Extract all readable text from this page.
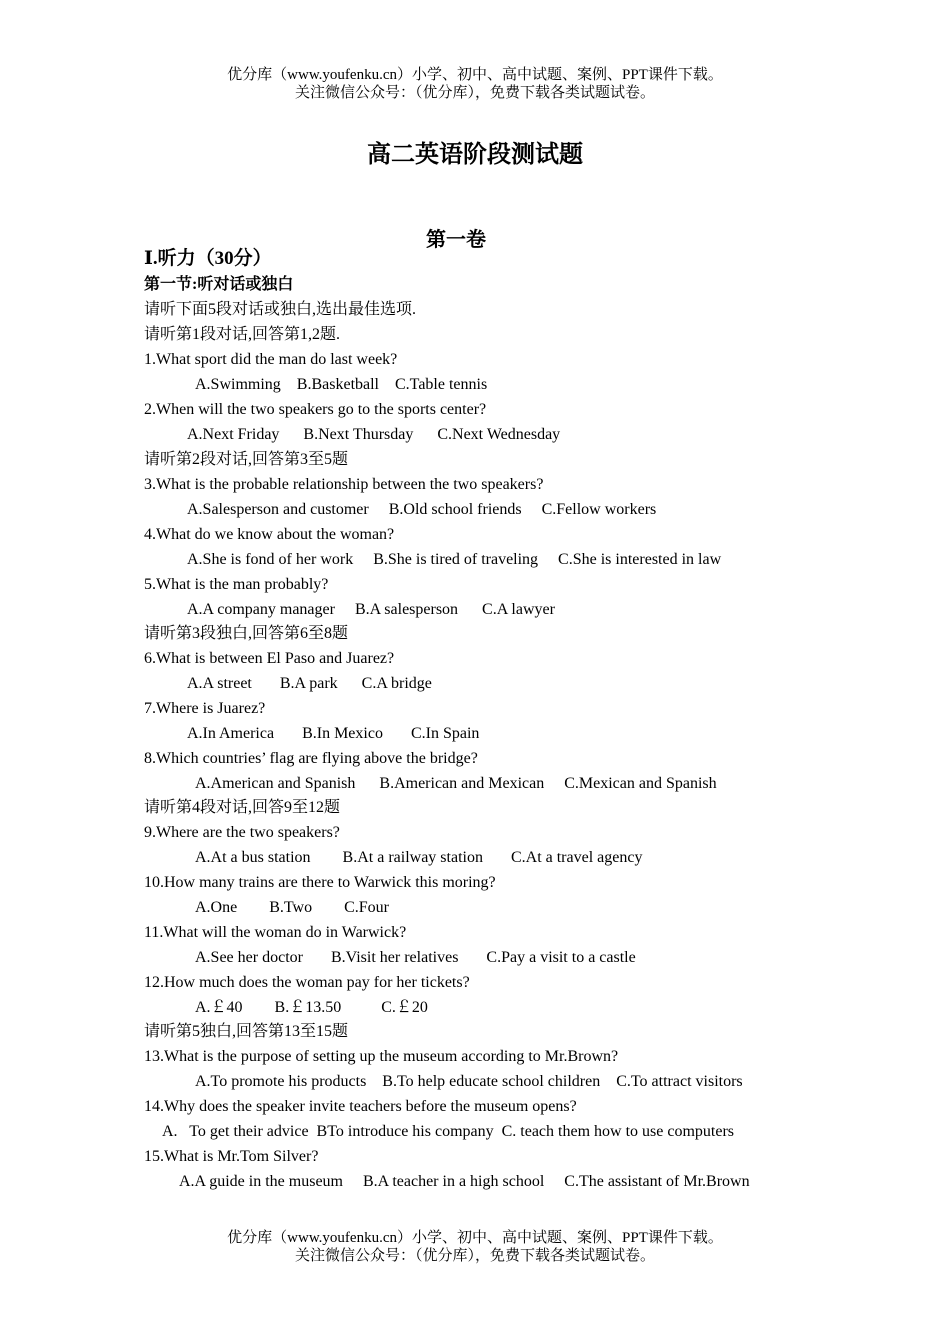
优分库（www.youfenku.cn）小学、初中、高中试题、案例、PPT课件下载。
关注微信公众号：（优分库），免费下载各类试题试卷。
高二英语阶段测试题
第一卷
Ⅰ.听力（30分）
第一节:听对话或独白
请听下面5段对话或独白,选出最佳选项.
请听第1段对话,回答第1,2题.
1.What sport did the man do last week?
A.Swimming    B.Basketball    C.Table tennis
2.When will the two speakers go to the sports center?
A.Next Friday      B.Next Thursday      C.Next Wednesday
请听第2段对话,回答第3至5题
3.What is the probable relationship between the two speakers?
A.Salesperson and customer     B.Old school friends     C.Fellow workers
4.What do we know about the woman?
A.She is fond of her work     B.She is tired of traveling     C.She is interested in law
5.What is the man probably?
A.A company manager     B.A salesperson      C.A lawyer
请听第3段独白,回答第6至8题
6.What is between El Paso and Juarez?
A.A street       B.A park      C.A bridge
7.Where is Juarez?
A.In America       B.In Mexico       C.In Spain
8.Which countries’ flag are flying above the bridge?
A.American and Spanish      B.American and Mexican     C.Mexican and Spanish
请听第4段对话,回答9至12题
9.Where are the two speakers?
A.At a bus station        B.At a railway station       C.At a travel agency
10.How many trains are there to Warwick this moring?
A.One        B.Two        C.Four
11.What will the woman do in Warwick?
A.See her doctor       B.Visit her relatives       C.Pay a visit to a castle
12.How much does the woman pay for her tickets?
A.￡40        B.￡13.50          C.￡20
请听第5独白,回答第13至15题
13.What is the purpose of setting up the museum according to Mr.Brown?
A.To promote his products    B.To help educate school children    C.To attract visitors
14.Why does the speaker invite teachers before the museum opens?
A.   To get their advice  BTo introduce his company  C. teach them how to use computers
15.What is Mr.Tom Silver?
A.A guide in the museum     B.A teacher in a high school     C.The assistant of Mr.Brown
优分库（www.youfenku.cn）小学、初中、高中试题、案例、PPT课件下载。
关注微信公众号：（优分库），免费下载各类试题试卷。
